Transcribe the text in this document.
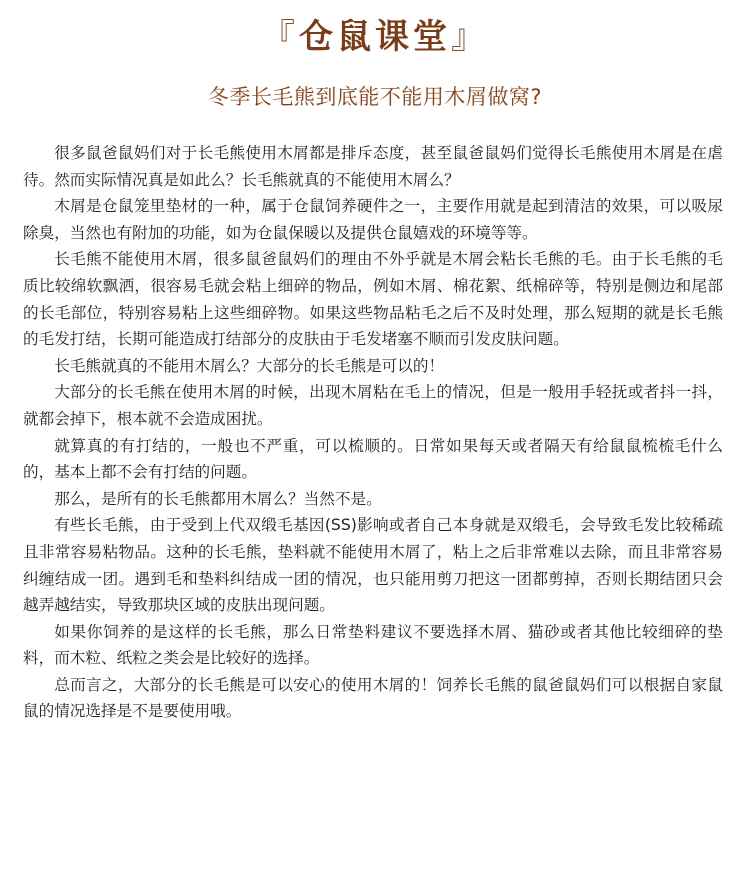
『仓鼠课堂』
冬季长毛熊到底能不能用木屑做窝?

很多鼠爸鼠妈们对于长毛熊使用木屑都是排斥态度，甚至鼠爸鼠妈们觉得长毛熊使用木屑是在虐待。然而实际情况真是如此么？长毛熊就真的不能使用木屑么？

木屑是仓鼠笼里垫材的一种，属于仓鼠饲养硬件之一，主要作用就是起到清洁的效果，可以吸尿除臭，当然也有附加的功能，如为仓鼠保暖以及提供仓鼠嬉戏的环境等等。

长毛熊不能使用木屑，很多鼠爸鼠妈们的理由不外乎就是木屑会粘长毛熊的毛。由于长毛熊的毛质比较绵软飘洒，很容易毛就会粘上细碎的物品，例如木屑、棉花絮、纸棉碎等，特别是侧边和尾部的长毛部位，特别容易粘上这些细碎物。如果这些物品粘毛之后不及时处理，那么短期的就是长毛熊的毛发打结，长期可能造成打结部分的皮肤由于毛发堵塞不顺而引发皮肤问题。

长毛熊就真的不能用木屑么？大部分的长毛熊是可以的！

大部分的长毛熊在使用木屑的时候，出现木屑粘在毛上的情况，但是一般用手轻抚或者抖一抖，就都会掉下，根本就不会造成困扰。

就算真的有打结的，一般也不严重，可以梳顺的。日常如果每天或者隔天有给鼠鼠梳梳毛什么的，基本上都不会有打结的问题。

那么，是所有的长毛熊都用木屑么？当然不是。

有些长毛熊，由于受到上代双缎毛基因(SS)影响或者自己本身就是双缎毛，会导致毛发比较稀疏且非常容易粘物品。这种的长毛熊，垫料就不能使用木屑了，粘上之后非常难以去除，而且非常容易纠缠结成一团。遇到毛和垫料纠结成一团的情况，也只能用剪刀把这一团都剪掉，否则长期结团只会越弄越结实，导致那块区域的皮肤出现问题。

如果你饲养的是这样的长毛熊，那么日常垫料建议不要选择木屑、猫砂或者其他比较细碎的垫料，而木粒、纸粒之类会是比较好的选择。

总而言之，大部分的长毛熊是可以安心的使用木屑的！饲养长毛熊的鼠爸鼠妈们可以根据自家鼠鼠的情况选择是不是要使用哦。
